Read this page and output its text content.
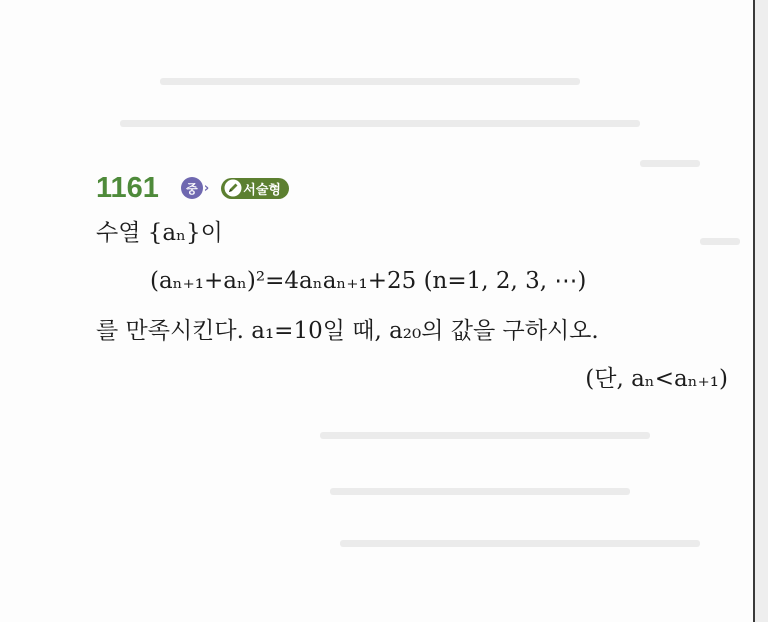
1161	중 ›	서술형
수열 {aₙ}이
(aₙ₊₁+aₙ)²=4aₙaₙ₊₁+25 (n=1, 2, 3, ⋯)
를 만족시킨다. a₁=10일 때, a₂₀의 값을 구하시오.
(단, aₙ<aₙ₊₁)
